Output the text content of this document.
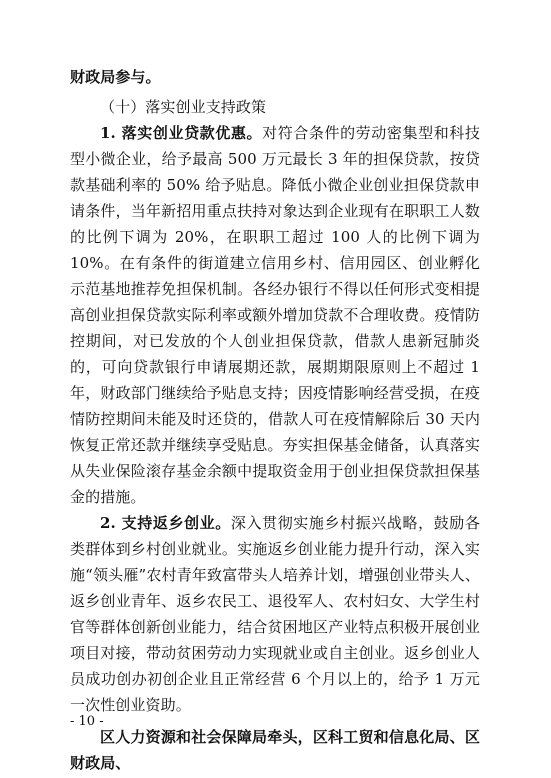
财政局参与。

（十）落实创业支持政策

1. 落实创业贷款优惠。对符合条件的劳动密集型和科技型小微企业，给予最高 500 万元最长 3 年的担保贷款，按贷款基础利率的 50% 给予贴息。降低小微企业创业担保贷款申请条件，当年新招用重点扶持对象达到企业现有在职职工人数的比例下调为 20%，在职职工超过 100 人的比例下调为 10%。在有条件的街道建立信用乡村、信用园区、创业孵化示范基地推荐免担保机制。各经办银行不得以任何形式变相提高创业担保贷款实际利率或额外增加贷款不合理收费。疫情防控期间，对已发放的个人创业担保贷款，借款人患新冠肺炎的，可向贷款银行申请展期还款，展期期限原则上不超过 1 年，财政部门继续给予贴息支持；因疫情影响经营受损，在疫情防控期间未能及时还贷的，借款人可在疫情解除后 30 天内恢复正常还款并继续享受贴息。夯实担保基金储备，认真落实从失业保险滚存基金余额中提取资金用于创业担保贷款担保基金的措施。

2. 支持返乡创业。深入贯彻实施乡村振兴战略，鼓励各类群体到乡村创业就业。实施返乡创业能力提升行动，深入实施“领头雁”农村青年致富带头人培养计划，增强创业带头人、返乡创业青年、返乡农民工、退役军人、农村妇女、大学生村官等群体创新创业能力，结合贫困地区产业特点积极开展创业项目对接，带动贫困劳动力实现就业或自主创业。返乡创业人员成功创办初创企业且正常经营 6 个月以上的，给予 1 万元一次性创业资助。

区人力资源和社会保障局牵头，区科工贸和信息化局、区财政局、

- 10 -
